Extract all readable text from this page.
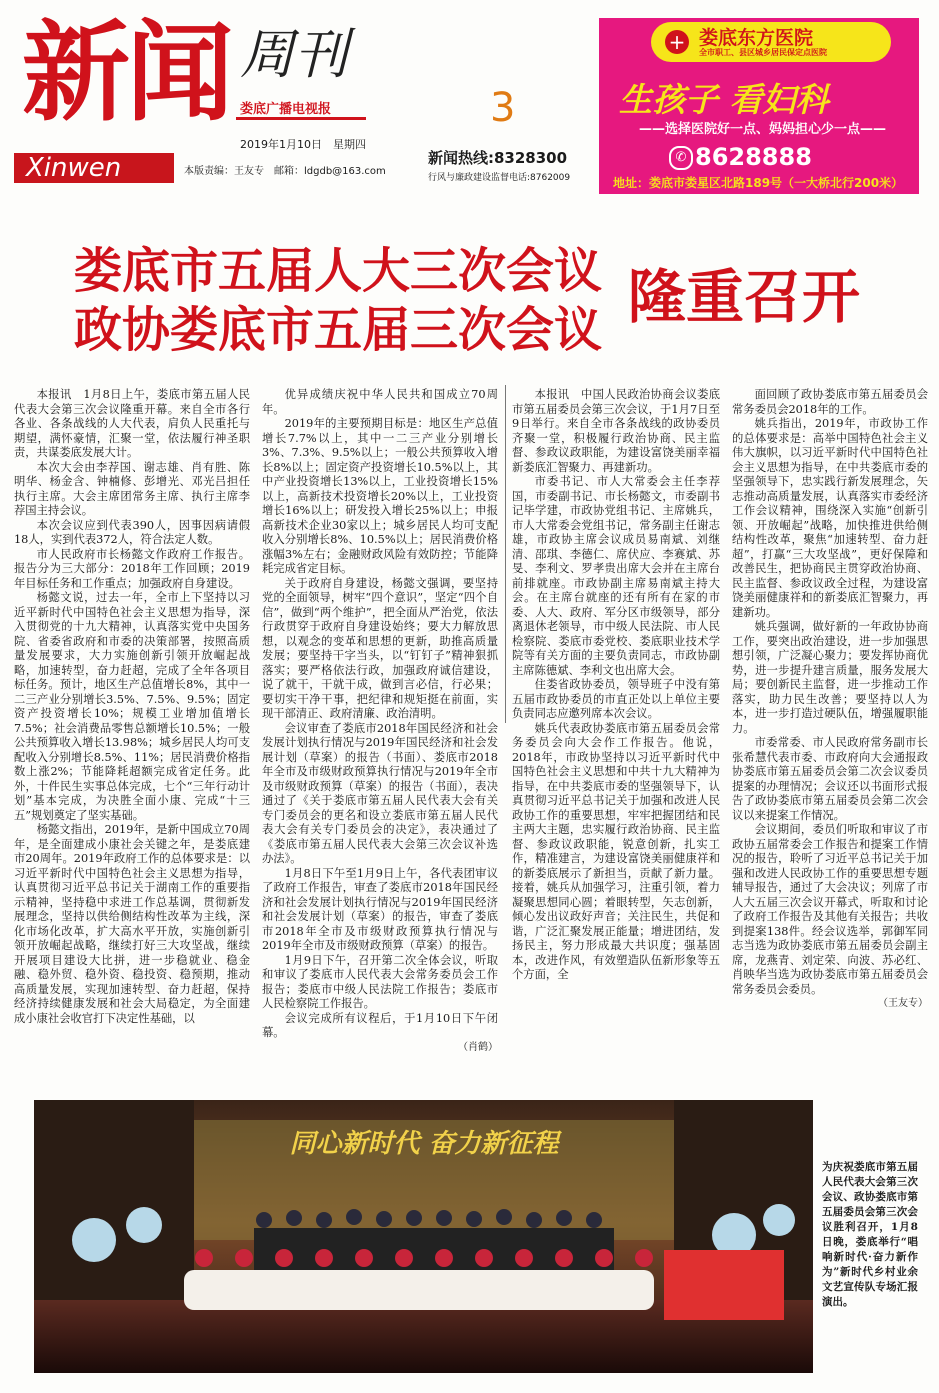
新闻 周刊
娄底广播电视报
2019年1月10日　星期四
Xinwen	本版责编：王友专　邮箱：ldgdb@163.com
3
新闻热线:8328300
行风与廉政建设监督电话:8762009
+ 娄底东方医院
全市职工、县区城乡居民保定点医院
生孩子 看妇科
——选择医院好一点、妈妈担心少一点——
✆ 8628888
地址：娄底市娄星区北路189号（一大桥北行200米）
娄底市五届人大三次会议
政协娄底市五届三次会议 隆重召开

本报讯　1月8日上午，娄底市第五届人民代表大会第三次会议隆重开幕。来自全市各行各业、各条战线的人大代表，肩负人民重托与期望，满怀豪情，汇聚一堂，依法履行神圣职责，共谋娄底发展大计。

本次大会由李荐国、谢志雄、肖有胜、陈明华、杨金含、钟楠修、彭增光、邓光吕担任执行主席。大会主席团常务主席、执行主席李荐国主持会议。

本次会议应到代表390人，因事因病请假18人，实到代表372人，符合法定人数。

市人民政府市长杨懿文作政府工作报告。报告分为三大部分：2018年工作回顾；2019年目标任务和工作重点；加强政府自身建设。

杨懿文说，过去一年，全市上下坚持以习近平新时代中国特色社会主义思想为指导，深入贯彻党的十九大精神，认真落实党中央国务院、省委省政府和市委的决策部署，按照高质量发展要求，大力实施创新引领开放崛起战略，加速转型，奋力赶超，完成了全年各项目标任务。预计，地区生产总值增长8%，其中一二三产业分别增长3.5%、7.5%、9.5%；固定资产投资增长10%；规模工业增加值增长7.5%；社会消费品零售总额增长10.5%；一般公共预算收入增长13.98%；城乡居民人均可支配收入分别增长8.5%、11%；居民消费价格指数上涨2%；节能降耗超额完成省定任务。此外，十件民生实事总体完成，七个“三年行动计划”基本完成，为决胜全面小康、完成“十三五”规划奠定了坚实基础。

杨懿文指出，2019年，是新中国成立70周年，是全面建成小康社会关键之年，是娄底建市20周年。2019年政府工作的总体要求是：以习近平新时代中国特色社会主义思想为指导，认真贯彻习近平总书记关于湖南工作的重要指示精神，坚持稳中求进工作总基调，贯彻新发展理念，坚持以供给侧结构性改革为主线，深化市场化改革，扩大高水平开放，实施创新引领开放崛起战略，继续打好三大攻坚战，继续开展项目建设大比拼，进一步稳就业、稳金融、稳外贸、稳外资、稳投资、稳预期，推动高质量发展，实现加速转型、奋力赶超，保持经济持续健康发展和社会大局稳定，为全面建成小康社会收官打下决定性基础，以

优异成绩庆祝中华人民共和国成立70周年。

2019年的主要预期目标是：地区生产总值增长7.7%以上，其中一二三产业分别增长3%、7.3%、9.5%以上；一般公共预算收入增长8%以上；固定资产投资增长10.5%以上，其中产业投资增长13%以上，工业投资增长15%以上，高新技术投资增长20%以上，工业投资增长16%以上；研发投入增长25%以上；申报高新技术企业30家以上；城乡居民人均可支配收入分别增长8%、10.5%以上；居民消费价格涨幅3%左右；金融财政风险有效防控；节能降耗完成省定目标。

关于政府自身建设，杨懿文强调，要坚持党的全面领导，树牢“四个意识”，坚定“四个自信”，做到“两个维护”，把全面从严治党，依法行政贯穿于政府自身建设始终；要大力解放思想，以观念的变革和思想的更新，助推高质量发展；要坚持干字当头，以“钉钉子”精神狠抓落实；要严格依法行政，加强政府诚信建设，说了就干，干就干成，做到言必信，行必果；要切实干净干事，把纪律和规矩挺在前面，实现干部清正、政府清廉、政治清明。

会议审查了娄底市2018年国民经济和社会发展计划执行情况与2019年国民经济和社会发展计划（草案）的报告（书面）、娄底市2018年全市及市级财政预算执行情况与2019年全市及市级财政预算（草案）的报告（书面），表决通过了《关于娄底市第五届人民代表大会有关专门委员会的更名和设立娄底市第五届人民代表大会有关专门委员会的决定》，表决通过了《娄底市第五届人民代表大会第三次会议补选办法》。

1月8日下午至1月9日上午，各代表团审议了政府工作报告，审查了娄底市2018年国民经济和社会发展计划执行情况与2019年国民经济和社会发展计划（草案）的报告，审查了娄底市2018年全市及市级财政预算执行情况与2019年全市及市级财政预算（草案）的报告。

1月9日下午，召开第二次全体会议，听取和审议了娄底市人民代表大会常务委员会工作报告；娄底市中级人民法院工作报告；娄底市人民检察院工作报告。

会议完成所有议程后，于1月10日下午闭幕。

（肖鹤）

本报讯　中国人民政治协商会议娄底市第五届委员会第三次会议，于1月7日至9日举行。来自全市各条战线的政协委员齐聚一堂，积极履行政治协商、民主监督、参政议政职能，为建设富饶美丽幸福新娄底汇智聚力、再建新功。

市委书记、市人大常委会主任李荐国，市委副书记、市长杨懿文，市委副书记毕学建，市政协党组书记、主席姚兵，市人大常委会党组书记，常务副主任谢志雄，市政协主席会议成员易南斌、刘继清、邵琪、李德仁、席伏应、李赛斌、苏旻、李利文、罗孝贵出席大会并在主席台前排就座。市政协副主席易南斌主持大会。在主席台就座的还有所有在家的市委、人大、政府、军分区市级领导，部分离退休老领导，市中级人民法院、市人民检察院、娄底市委党校、娄底职业技术学院等有关方面的主要负责同志，市政协副主席陈德斌、李利文也出席大会。

住娄省政协委员，领导班子中没有第五届市政协委员的市直正处以上单位主要负责同志应邀列席本次会议。

姚兵代表政协娄底市第五届委员会常务委员会向大会作工作报告。他说，2018年，市政协坚持以习近平新时代中国特色社会主义思想和中共十九大精神为指导，在中共娄底市委的坚强领导下，认真贯彻习近平总书记关于加强和改进人民政协工作的重要思想，牢牢把握团结和民主两大主题，忠实履行政治协商、民主监督、参政议政职能，锐意创新，扎实工作，精准建言，为建设富饶美丽健康祥和的新娄底展示了新担当，贡献了新力量。接着，姚兵从加强学习，注重引领，着力凝聚思想同心圆；着眼转型，矢志创新，倾心发出议政好声音；关注民生，共促和谐，广泛汇聚发展正能量；增进团结，发扬民主，努力形成最大共识度；强基固本，改进作风，有效塑造队伍新形象等五个方面，全

面回顾了政协娄底市第五届委员会常务委员会2018年的工作。

姚兵指出，2019年，市政协工作的总体要求是：高举中国特色社会主义伟大旗帜，以习近平新时代中国特色社会主义思想为指导，在中共娄底市委的坚强领导下，忠实践行新发展理念，矢志推动高质量发展，认真落实市委经济工作会议精神，围绕深入实施“创新引领、开放崛起”战略，加快推进供给侧结构性改革，聚焦“加速转型、奋力赶超”，打赢“三大攻坚战”，更好保障和改善民生，把协商民主贯穿政治协商、民主监督、参政议政全过程，为建设富饶美丽健康祥和的新娄底汇智聚力，再建新功。

姚兵强调，做好新的一年政协协商工作，要突出政治建设，进一步加强思想引领，广泛凝心聚力；要发挥协商优势，进一步提升建言质量，服务发展大局；要创新民主监督，进一步推动工作落实，助力民生改善；要坚持以人为本，进一步打造过硬队伍，增强履职能力。

市委常委、市人民政府常务副市长张希慧代表市委、市政府向大会通报政协娄底市第五届委员会第二次会议委员提案的办理情况；会议还以书面形式报告了政协娄底市第五届委员会第二次会议以来提案工作情况。

会议期间，委员们听取和审议了市政协五届常委会工作报告和提案工作情况的报告，聆听了习近平总书记关于加强和改进人民政协工作的重要思想专题辅导报告，通过了大会决议；列席了市人大五届三次会议开幕式，听取和讨论了政府工作报告及其他有关报告；共收到提案138件。经会议选举，郭御军同志当选为政协娄底市第五届委员会副主席，龙燕青、刘定荣、向波、苏必红、肖映华当选为政协娄底市第五届委员会常务委员会委员。

（王友专）

同心新时代 奋力新征程
为庆祝娄底市第五届人民代表大会第三次会议、政协娄底市第五届委员会第三次会议胜利召开，1月8日晚，娄底举行“唱响新时代·奋力新作为”新时代乡村业余文艺宣传队专场汇报演出。
